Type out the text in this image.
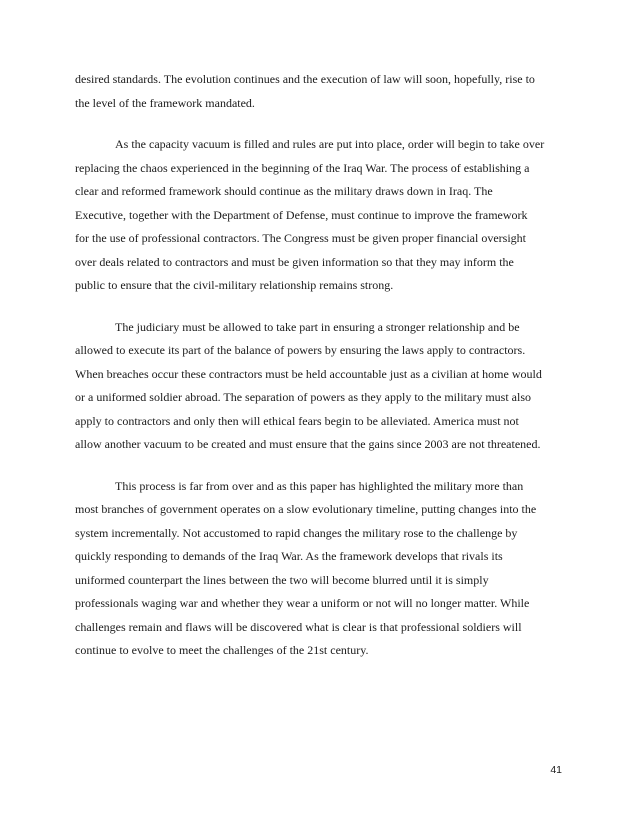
desired standards. The evolution continues and the execution of law will soon, hopefully, rise to
the level of the framework mandated.
As the capacity vacuum is filled and rules are put into place, order will begin to take over
replacing the chaos experienced in the beginning of the Iraq War. The process of establishing a
clear and reformed framework should continue as the military draws down in Iraq. The
Executive, together with the Department of Defense, must continue to improve the framework
for the use of professional contractors. The Congress must be given proper financial oversight
over deals related to contractors and must be given information so that they may inform the
public to ensure that the civil-military relationship remains strong.
The judiciary must be allowed to take part in ensuring a stronger relationship and be
allowed to execute its part of the balance of powers by ensuring the laws apply to contractors.
When breaches occur these contractors must be held accountable just as a civilian at home would
or a uniformed soldier abroad. The separation of powers as they apply to the military must also
apply to contractors and only then will ethical fears begin to be alleviated. America must not
allow another vacuum to be created and must ensure that the gains since 2003 are not threatened.
This process is far from over and as this paper has highlighted the military more than
most branches of government operates on a slow evolutionary timeline, putting changes into the
system incrementally. Not accustomed to rapid changes the military rose to the challenge by
quickly responding to demands of the Iraq War. As the framework develops that rivals its
uniformed counterpart the lines between the two will become blurred until it is simply
professionals waging war and whether they wear a uniform or not will no longer matter. While
challenges remain and flaws will be discovered what is clear is that professional soldiers will
continue to evolve to meet the challenges of the 21st century.
41
